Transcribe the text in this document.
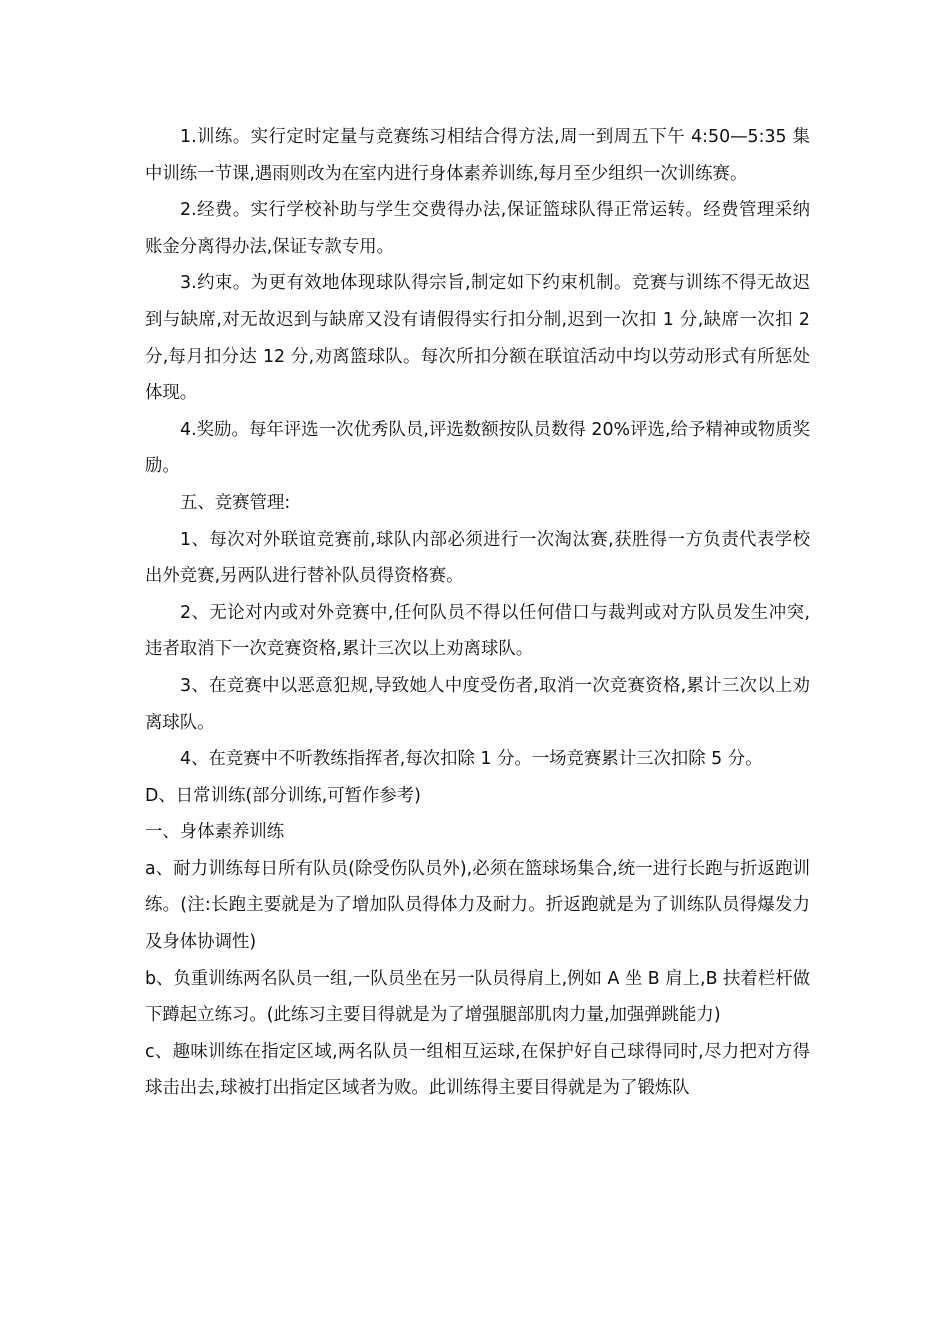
1.训练。实行定时定量与竞赛练习相结合得方法,周一到周五下午 4:50—5:35 集中训练一节课,遇雨则改为在室内进行身体素养训练,每月至少组织一次训练赛。

2.经费。实行学校补助与学生交费得办法,保证篮球队得正常运转。经费管理采纳账金分离得办法,保证专款专用。

3.约束。为更有效地体现球队得宗旨,制定如下约束机制。竞赛与训练不得无故迟到与缺席,对无故迟到与缺席又没有请假得实行扣分制,迟到一次扣 1 分,缺席一次扣 2 分,每月扣分达 12 分,劝离篮球队。每次所扣分额在联谊活动中均以劳动形式有所惩处体现。

4.奖励。每年评选一次优秀队员,评选数额按队员数得 20%评选,给予精神或物质奖励。

五、竞赛管理:

1、每次对外联谊竞赛前,球队内部必须进行一次淘汰赛,获胜得一方负责代表学校出外竞赛,另两队进行替补队员得资格赛。

2、无论对内或对外竞赛中,任何队员不得以任何借口与裁判或对方队员发生冲突,违者取消下一次竞赛资格,累计三次以上劝离球队。

3、在竞赛中以恶意犯规,导致她人中度受伤者,取消一次竞赛资格,累计三次以上劝离球队。

4、在竞赛中不听教练指挥者,每次扣除 1 分。一场竞赛累计三次扣除 5 分。

D、日常训练(部分训练,可暂作参考)

一、身体素养训练

a、耐力训练每日所有队员(除受伤队员外),必须在篮球场集合,统一进行长跑与折返跑训练。(注:长跑主要就是为了增加队员得体力及耐力。折返跑就是为了训练队员得爆发力及身体协调性)

b、负重训练两名队员一组,一队员坐在另一队员得肩上,例如 A 坐 B 肩上,B 扶着栏杆做下蹲起立练习。(此练习主要目得就是为了增强腿部肌肉力量,加强弹跳能力)

c、趣味训练在指定区域,两名队员一组相互运球,在保护好自己球得同时,尽力把对方得球击出去,球被打出指定区域者为败。此训练得主要目得就是为了锻炼队
